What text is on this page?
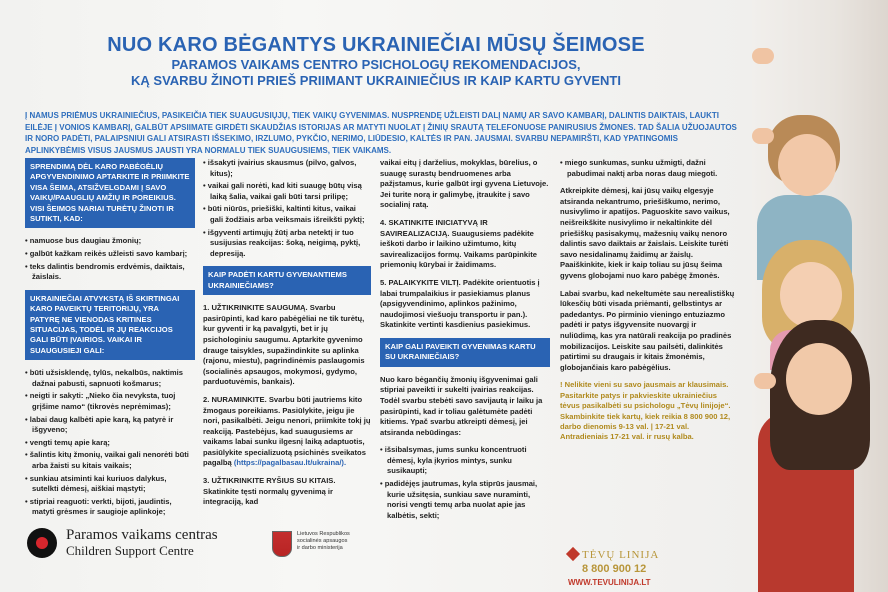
NUO KARO BĖGANTYS UKRAINIEČIAI MŪSŲ ŠEIMOSE
PARAMOS VAIKAMS CENTRO PSICHOLOGŲ REKOMENDACIJOS,
KĄ SVARBU ŽINOTI PRIEŠ PRIIMANT UKRAINIEČIUS IR KAIP KARTU GYVENTI

Į NAMUS PRIĖMUS UKRAINIEČIUS, PASIKEIČIA TIEK SUAUGUSIŲJŲ, TIEK VAIKŲ GYVENIMAS. NUSPRENDĘ UŽLEISTI DALĮ NAMŲ AR SAVO KAMBARĮ, DALINTIS DAIKTAIS, LAUKTI EILĖJE Į VONIOS KAMBARĮ, GALBŪT APSIIMATE GIRDĖTI SKAUDŽIAS ISTORIJAS AR MATYTI NUOLAT Į ŽINIŲ SRAUTĄ TELEFONUOSE PANIRUSIUS ŽMONES. TAD ŠALIA UŽUOJAUTOS IR NORO PADĖTI, PALAIPSNIUI GALI ATSIRASTI IŠSEKIMO, IRZLUMO, PYKČIO, NERIMO, LIŪDESIO, KALTĖS IR PAN. JAUSMAI. SVARBU NEPAMIRŠTI, KAD YPATINGOMIS APLINKYBĖMIS VISUS JAUSMUS JAUSTI YRA NORMALU TIEK SUAUGUSIEMS, TIEK VAIKAMS.

SPRENDIMĄ DĖL KARO PABĖGĖLIŲ APGYVENDINIMO APTARKITE IR PRIIMKITE VISA ŠEIMA, ATSIŽVELGDAMI Į SAVO VAIKŲ/PAAUGLIŲ AMŽIŲ IR POREIKIUS. VISI ŠEIMOS NARIAI TURĖTŲ ŽINOTI IR SUTIKTI, KAD:
• namuose bus daugiau žmonių;
• galbūt kažkam reikės užleisti savo kambarį;
• teks dalintis bendromis erdvėmis, daiktais, žaislais.
UKRAINIEČIAI ATVYKSTĄ IŠ SKIRTINGAI KARO PAVEIKTŲ TERITORIJŲ, YRA PATYRĘ NE VIENODAS KRITINES SITUACIJAS, TODĖL IR JŲ REAKCIJOS GALI BŪTI ĮVAIRIOS. VAIKAI IR SUAUGUSIEJI GALI:
• būti užsisklendę, tylūs, nekalbūs, naktimis dažnai pabusti, sapnuoti košmarus;
• neigti ir sakyti: „Nieko čia nevyksta, tuoj grįšime namo“ (tikrovės neprėmimas);
• labai daug kalbėti apie karą, ką patyrė ir išgyveno;
• vengti temų apie karą;
• šalintis kitų žmonių, vaikai gali nenorėti būti arba žaisti su kitais vaikais;
• sunkiau atsiminti kai kuriuos dalykus, sutelkti dėmesį, aiškiai mąstyti;
• stipriai reaguoti: verkti, bijoti, jaudintis, matyti grėsmes ir saugioje aplinkoje;
• išsakyti įvairius skausmus (pilvo, galvos, kitus);
• vaikai gali norėti, kad kiti suaugę būtų visą laiką šalia, vaikai gali būti tarsi prilipę;
• būti niūrūs, priešiški, kaltinti kitus, vaikai gali žodžiais arba veiksmais išreikšti pyktį;
• išgyventi artimųjų žūtį arba netektį ir tuo susijusias reakcijas: šoką, neigimą, pyktį, depresiją.
KAIP PADĖTI KARTU GYVENANTIEMS UKRAINIEČIAMS?

1. UŽTIKRINKITE SAUGUMĄ. Svarbu pasirūpinti, kad karo pabėgėliai ne tik turėtų, kur gyventi ir ką pavalgyti, bet ir jų psichologiniu saugumu. Aptarkite gyvenimo drauge taisykles, supažindinkite su aplinka (rajonu, miestu), pagrindinėmis paslaugomis (socialinės apsaugos, mokymosi, gydymo, parduotuvėmis, bankais).

2. NURAMINKITE. Svarbu būti jautriems kito žmogaus poreikiams. Pasiūlykite, jeigu jie nori, pasikalbėti. Jeigu nenori, priimkite tokį jų reakciją. Pastebėjus, kad suaugusiems ar vaikams labai sunku ilgesnį laiką adaptuotis, pasiūlykite specializuotą psichinės sveikatos pagalbą (https://pagalbasau.lt/ukraina/).

3. UŽTIKRINKITE RYŠIUS SU KITAIS. Skatinkite tęsti normalų gyvenimą ir integraciją, kad

vaikai eitų į darželius, mokyklas, būrelius, o suaugę surastų bendruomenes arba pažįstamus, kurie galbūt irgi gyvena Lietuvoje. Jei turite norą ir galimybę, įtraukite į savo socialinį ratą.

4. SKATINKITE INICIATYVĄ IR SAVIREALIZACIJĄ. Suaugusiems padėkite ieškoti darbo ir laikino užimtumo, kitų savirealizacijos formų. Vaikams parūpinkite priemonių kūrybai ir žaidimams.

5. PALAIKYKITE VILTĮ. Padėkite orientuotis į labai trumpalaikius ir pasiekiamus planus (apsigyvendinimo, aplinkos pažinimo, naudojimosi viešuoju transportu ir pan.). Skatinkite vertinti kasdienius pasiekimus.

KAIP GALI PAVEIKTI GYVENIMAS KARTU SU UKRAINIEČIAIS?

Nuo karo bėgančių žmonių išgyvenimai gali stipriai paveikti ir sukelti įvairias reakcijas. Todėl svarbu stebėti savo savijautą ir laiku ja pasirūpinti, kad ir toliau galėtumėte padėti kitiems. Ypač svarbu atkreipti dėmesį, jei atsiranda nebūdingas:

• išsibalsymas, jums sunku koncentruoti dėmesį, kyla įkyrios mintys, sunku susikaupti;
• padidėjęs jautrumas, kyla stiprūs jausmai, kurie užsitęsia, sunkiau save nuraminti, norisi vengti temų arba nuolat apie jas kalbėtis, sekti;
• miego sunkumas, sunku užmigti, dažni pabudimai naktį arba noras daug miegoti.

Atkreipkite dėmesį, kai jūsų vaikų elgesyje atsiranda nekantrumo, priešiškumo, nerimo, nusivylimo ir apatijos. Paguoskite savo vaikus, neišreikškite nusivylimo ir nekaltinkite dėl priešiškų pasisakymų, mažesnių vaikų nenoro dalintis savo daiktais ar žaislais. Leiskite turėti savo nesidalinamų žaidimų ar žaislų. Paaiškinkite, kiek ir kaip toliau su jūsų šeima gyvens globojami nuo karo pabėgę žmonės.

Labai svarbu, kad nekeltumėte sau nerealistiškų lūkesčių būti visada priėmanti, gelbstintys ar padedantys. Po pirminio vieningo entuziazmo padėti ir patys išgyvensite nuovargį ir nuliūdimą, kas yra natūrali reakcija po pradinės mobilizacijos. Leiskite sau pailsėti, dalinkitės patirtimi su draugais ir kitais žmonėmis, globojančiais karo pabėgėlius.

! Nelikite vieni su savo jausmais ar klausimais. Pasitarkite patys ir pakvieskite ukrainiečius tėvus pasikalbėti su psichologu „Tėvų linijoje“. Skambinkite tiek kartų, kiek reikia 8 800 900 12, darbo dienomis 9-13 val. | 17-21 val. Antradieniais 17-21 val. ir rusų kalba.

Paramos vaikams centras
Children Support Centre
Lietuvos Respublikos
socialinės apsaugos
ir darbo ministerija
TĖVŲ LINIJA
8 800 900 12
WWW.TEVULINIJA.LT
